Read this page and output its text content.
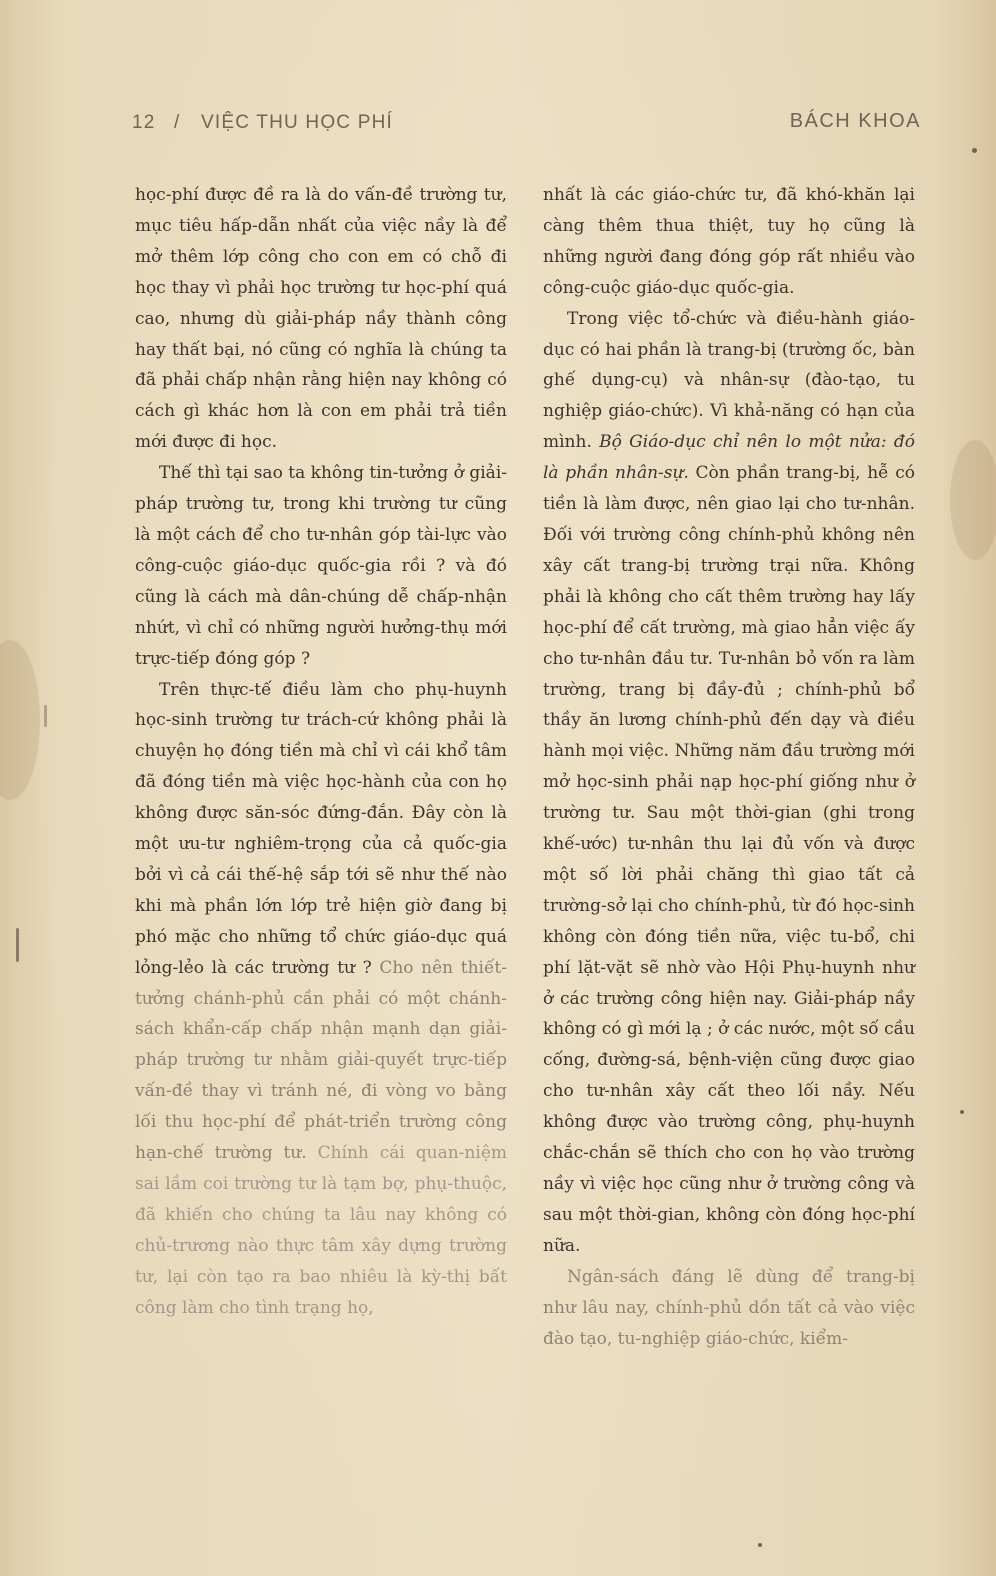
12 / VIỆC THU HỌC PHÍ	BÁCH KHOA

học-phí được đề ra là do vấn-đề trường tư, mục tiêu hấp-dẫn nhất của việc nầy là để mở thêm lớp công cho con em có chỗ đi học thay vì phải học trường tư học-phí quá cao, nhưng dù giải-pháp nầy thành công hay thất bại, nó cũng có nghĩa là chúng ta đã phải chấp nhận rằng hiện nay không có cách gì khác hơn là con em phải trả tiền mới được đi học.

Thế thì tại sao ta không tin-tưởng ở giải-pháp trường tư, trong khi trường tư cũng là một cách để cho tư-nhân góp tài-lực vào công-cuộc giáo-dục quốc-gia rồi ? và đó cũng là cách mà dân-chúng dễ chấp-nhận nhứt, vì chỉ có những người hưởng-thụ mới trực-tiếp đóng góp ?

Trên thực-tế điều làm cho phụ-huynh học-sinh trường tư trách-cứ không phải là chuyện họ đóng tiền mà chỉ vì cái khổ tâm đã đóng tiền mà việc học-hành của con họ không được săn-sóc đứng-đắn. Đây còn là một ưu-tư nghiêm-trọng của cả quốc-gia bởi vì cả cái thế-hệ sắp tới sẽ như thế nào khi mà phần lớn lớp trẻ hiện giờ đang bị phó mặc cho những tổ chức giáo-dục quá lỏng-lẻo là các trường tư ? Cho nên thiết-tưởng chánh-phủ cần phải có một chánh-sách khẩn-cấp chấp nhận mạnh dạn giải-pháp trường tư nhằm giải-quyết trực-tiếp vấn-đề thay vì tránh né, đi vòng vo bằng lối thu học-phí để phát-triển trường công hạn-chế trường tư. Chính cái quan-niệm sai lầm coi trường tư là tạm bợ, phụ-thuộc, đã khiến cho chúng ta lâu nay không có chủ-trương nào thực tâm xây dựng trường tư, lại còn tạo ra bao nhiêu là kỳ-thị bất công làm cho tình trạng họ,

nhất là các giáo-chức tư, đã khó-khăn lại càng thêm thua thiệt, tuy họ cũng là những người đang đóng góp rất nhiều vào công-cuộc giáo-dục quốc-gia.

Trong việc tổ-chức và điều-hành giáo-dục có hai phần là trang-bị (trường ốc, bàn ghế dụng-cụ) và nhân-sự (đào-tạo, tu nghiệp giáo-chức). Vì khả-năng có hạn của mình. Bộ Giáo-dục chỉ nên lo một nửa: đó là phần nhân-sự. Còn phần trang-bị, hễ có tiền là làm được, nên giao lại cho tư-nhân. Đối với trường công chính-phủ không nên xây cất trang-bị trường trại nữa. Không phải là không cho cất thêm trường hay lấy học-phí để cất trường, mà giao hẳn việc ấy cho tư-nhân đầu tư. Tư-nhân bỏ vốn ra làm trường, trang bị đầy-đủ ; chính-phủ bổ thầy ăn lương chính-phủ đến dạy và điều hành mọi việc. Những năm đầu trường mới mở học-sinh phải nạp học-phí giống như ở trường tư. Sau một thời-gian (ghi trong khế-ước) tư-nhân thu lại đủ vốn và được một số lời phải chăng thì giao tất cả trường-sở lại cho chính-phủ, từ đó học-sinh không còn đóng tiền nữa, việc tu-bổ, chi phí lặt-vặt sẽ nhờ vào Hội Phụ-huynh như ở các trường công hiện nay. Giải-pháp nầy không có gì mới lạ ; ở các nước, một số cầu cống, đường-sá, bệnh-viện cũng được giao cho tư-nhân xây cất theo lối nầy. Nếu không được vào trường công, phụ-huynh chắc-chắn sẽ thích cho con họ vào trường nầy vì việc học cũng như ở trường công và sau một thời-gian, không còn đóng học-phí nữa.

Ngân-sách đáng lẽ dùng để trang-bị như lâu nay, chính-phủ dồn tất cả vào việc đào tạo, tu-nghiệp giáo-chức, kiểm-
